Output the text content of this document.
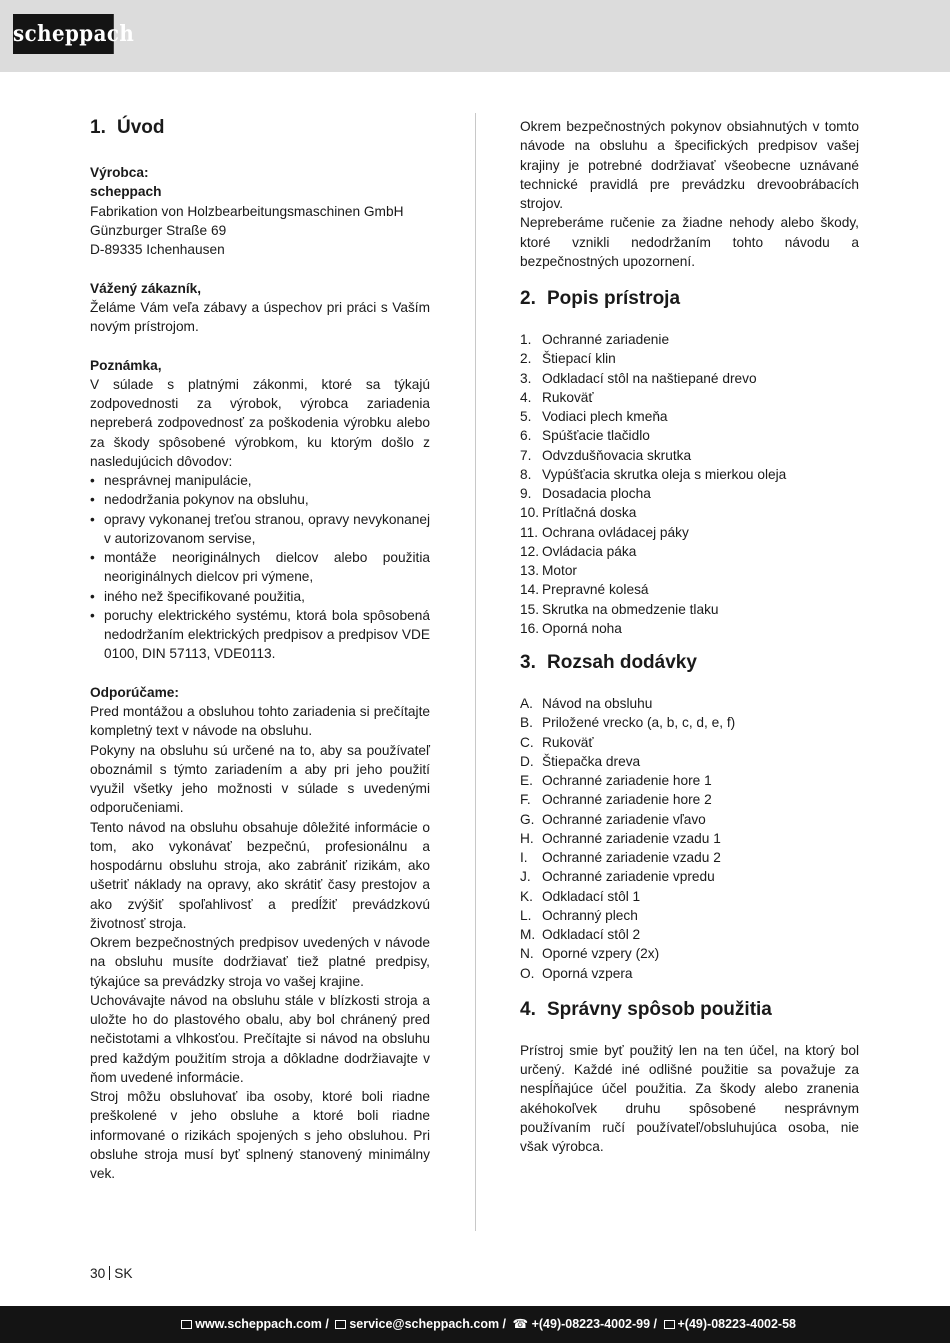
scheppach
1. Úvod

Výrobca:

scheppach

Fabrikation von Holzbearbeitungsmaschinen GmbH

Günzburger Straße 69

D-89335 Ichenhausen

Vážený zákazník,

Želáme Vám veľa zábavy a úspechov pri práci s Vaším novým prístrojom.

Poznámka,

V súlade s platnými zákonmi, ktoré sa týkajú zodpovednosti za výrobok, výrobca zariadenia nepreberá zodpovednosť za poškodenia výrobku alebo za škody spôsobené výrobkom, ku ktorým došlo z nasledujúcich dôvodov:

• nesprávnej manipulácie,
• nedodržania pokynov na obsluhu,
• opravy vykonanej treťou stranou, opravy nevykonanej v autorizovanom servise,
• montáže neoriginálnych dielcov alebo použitia neoriginálnych dielcov pri výmene,
• iného než špecifikované použitia,
• poruchy elektrického systému, ktorá bola spôsobená nedodržaním elektrických predpisov a predpisov VDE 0100, DIN 57113, VDE0113.

Odporúčame:

Pred montážou a obsluhou tohto zariadenia si prečítajte kompletný text v návode na obsluhu.

Pokyny na obsluhu sú určené na to, aby sa používateľ oboznámil s týmto zariadením a aby pri jeho použití využil všetky jeho možnosti v súlade s uvedenými odporučeniami.

Tento návod na obsluhu obsahuje dôležité informácie o tom, ako vykonávať bezpečnú, profesionálnu a hospodárnu obsluhu stroja, ako zabrániť rizikám, ako ušetriť náklady na opravy, ako skrátiť časy prestojov a ako zvýšiť spoľahlivosť a predĺžiť prevádzkovú životnosť stroja.

Okrem bezpečnostných predpisov uvedených v návode na obsluhu musíte dodržiavať tiež platné predpisy, týkajúce sa prevádzky stroja vo vašej krajine.

Uchovávajte návod na obsluhu stále v blízkosti stroja a uložte ho do plastového obalu, aby bol chránený pred nečistotami a vlhkosťou. Prečítajte si návod na obsluhu pred každým použitím stroja a dôkladne dodržiavajte v ňom uvedené informácie.

Stroj môžu obsluhovať iba osoby, ktoré boli riadne preškolené v jeho obsluhe a ktoré boli riadne informované o rizikách spojených s jeho obsluhou. Pri obsluhe stroja musí byť splnený stanovený minimálny vek.

Okrem bezpečnostných pokynov obsiahnutých v tomto návode na obsluhu a špecifických predpisov vašej krajiny je potrebné dodržiavať všeobecne uznávané technické pravidlá pre prevádzku drevoobrábacích strojov.

Nepreberáme ručenie za žiadne nehody alebo škody, ktoré vznikli nedodržaním tohto návodu a bezpečnostných upozornení.

2. Popis prístroja
1. Ochranné zariadenie
2. Štiepací klin
3. Odkladací stôl na naštiepané drevo
4. Rukoväť
5. Vodiaci plech kmeňa
6. Spúšťacie tlačidlo
7. Odvzdušňovacia skrutka
8. Vypúšťacia skrutka oleja s mierkou oleja
9. Dosadacia plocha
10. Prítlačná doska
11. Ochrana ovládacej páky
12. Ovládacia páka
13. Motor
14. Prepravné kolesá
15. Skrutka na obmedzenie tlaku
16. Oporná noha
3. Rozsah dodávky
A. Návod na obsluhu
B. Priložené vrecko (a, b, c, d, e, f)
C. Rukoväť
D. Štiepačka dreva
E. Ochranné zariadenie hore 1
F. Ochranné zariadenie hore 2
G. Ochranné zariadenie vľavo
H. Ochranné zariadenie vzadu 1
I.	Ochranné zariadenie vzadu 2
J. Ochranné zariadenie vpredu
K. Odkladací stôl 1
L. Ochranný plech
M. Odkladací stôl 2
N. Oporné vzpery (2x)
O. Oporná vzpera
4. Správny spôsob použitia

Prístroj smie byť použitý len na ten účel, na ktorý bol určený. Každé iné odlišné použitie sa považuje za nespĺňajúce účel použitia. Za škody alebo zranenia akéhokoľvek druhu spôsobené nesprávnym používaním ručí používateľ/obsluhujúca osoba, nie však výrobca.

30 SK
www.scheppach.com / service@scheppach.com / ☎ +(49)-08223-4002-99 / +(49)-08223-4002-58
